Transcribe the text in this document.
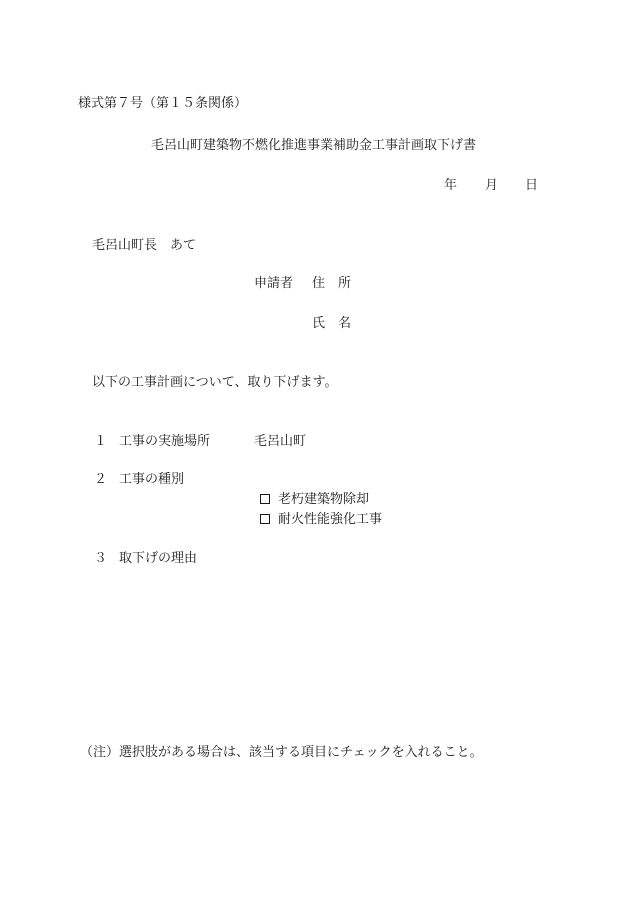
様式第７号（第１５条関係）
毛呂山町建築物不燃化推進事業補助金工事計画取下げ書
年 月 日
毛呂山町長　あて
申請者 住　所
氏　名
以下の工事計画について、取り下げます。
１ 工事の実施場所	毛呂山町
２ 工事の種別
老朽建築物除却
耐火性能強化工事
３ 取下げの理由
（注）選択肢がある場合は、該当する項目にチェックを入れること。
